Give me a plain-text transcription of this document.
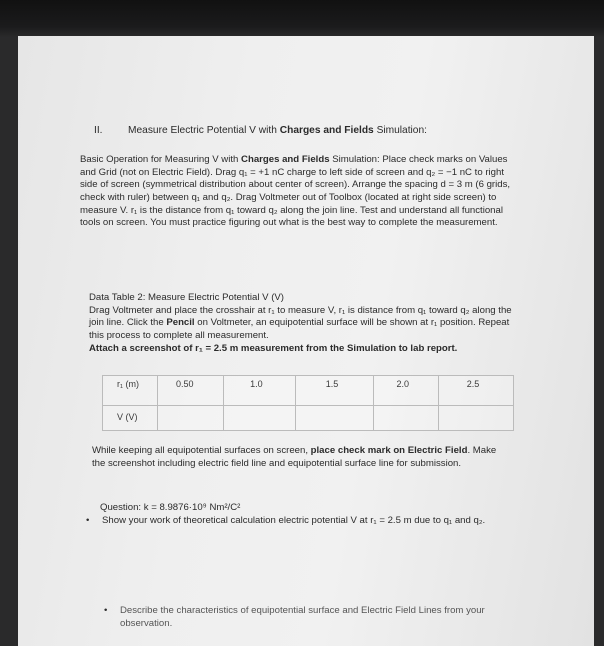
II.	Measure Electric Potential V with Charges and Fields Simulation:

Basic Operation for Measuring V with Charges and Fields Simulation: Place check marks on Values and Grid (not on Electric Field). Drag q₁ = +1 nC charge to left side of screen and q₂ = −1 nC to right side of screen (symmetrical distribution about center of screen). Arrange the spacing d = 3 m (6 grids, check with ruler) between q₁ and q₂. Drag Voltmeter out of Toolbox (located at right side screen) to measure V. r₁ is the distance from q₁ toward q₂ along the join line. Test and understand all functional tools on screen. You must practice figuring out what is the best way to complete the measurement.

Data Table 2: Measure Electric Potential V (V)
Drag Voltmeter and place the crosshair at r₁ to measure V, r₁ is distance from q₁ toward q₂ along the join line. Click the Pencil on Voltmeter, an equipotential surface will be shown at r₁ position. Repeat this process to complete all measurement.
Attach a screenshot of r₁ = 2.5 m measurement from the Simulation to lab report.
r₁ (m)	0.50	1.0	1.5	2.0	2.5
V (V)					

While keeping all equipotential surfaces on screen, place check mark on Electric Field. Make the screenshot including electric field line and equipotential surface line for submission.

Question: k = 8.9876·10⁹ Nm²/C²
• Show your work of theoretical calculation electric potential V at r₁ = 2.5 m due to q₁ and q₂.
• Describe the characteristics of equipotential surface and Electric Field Lines from your observation.
